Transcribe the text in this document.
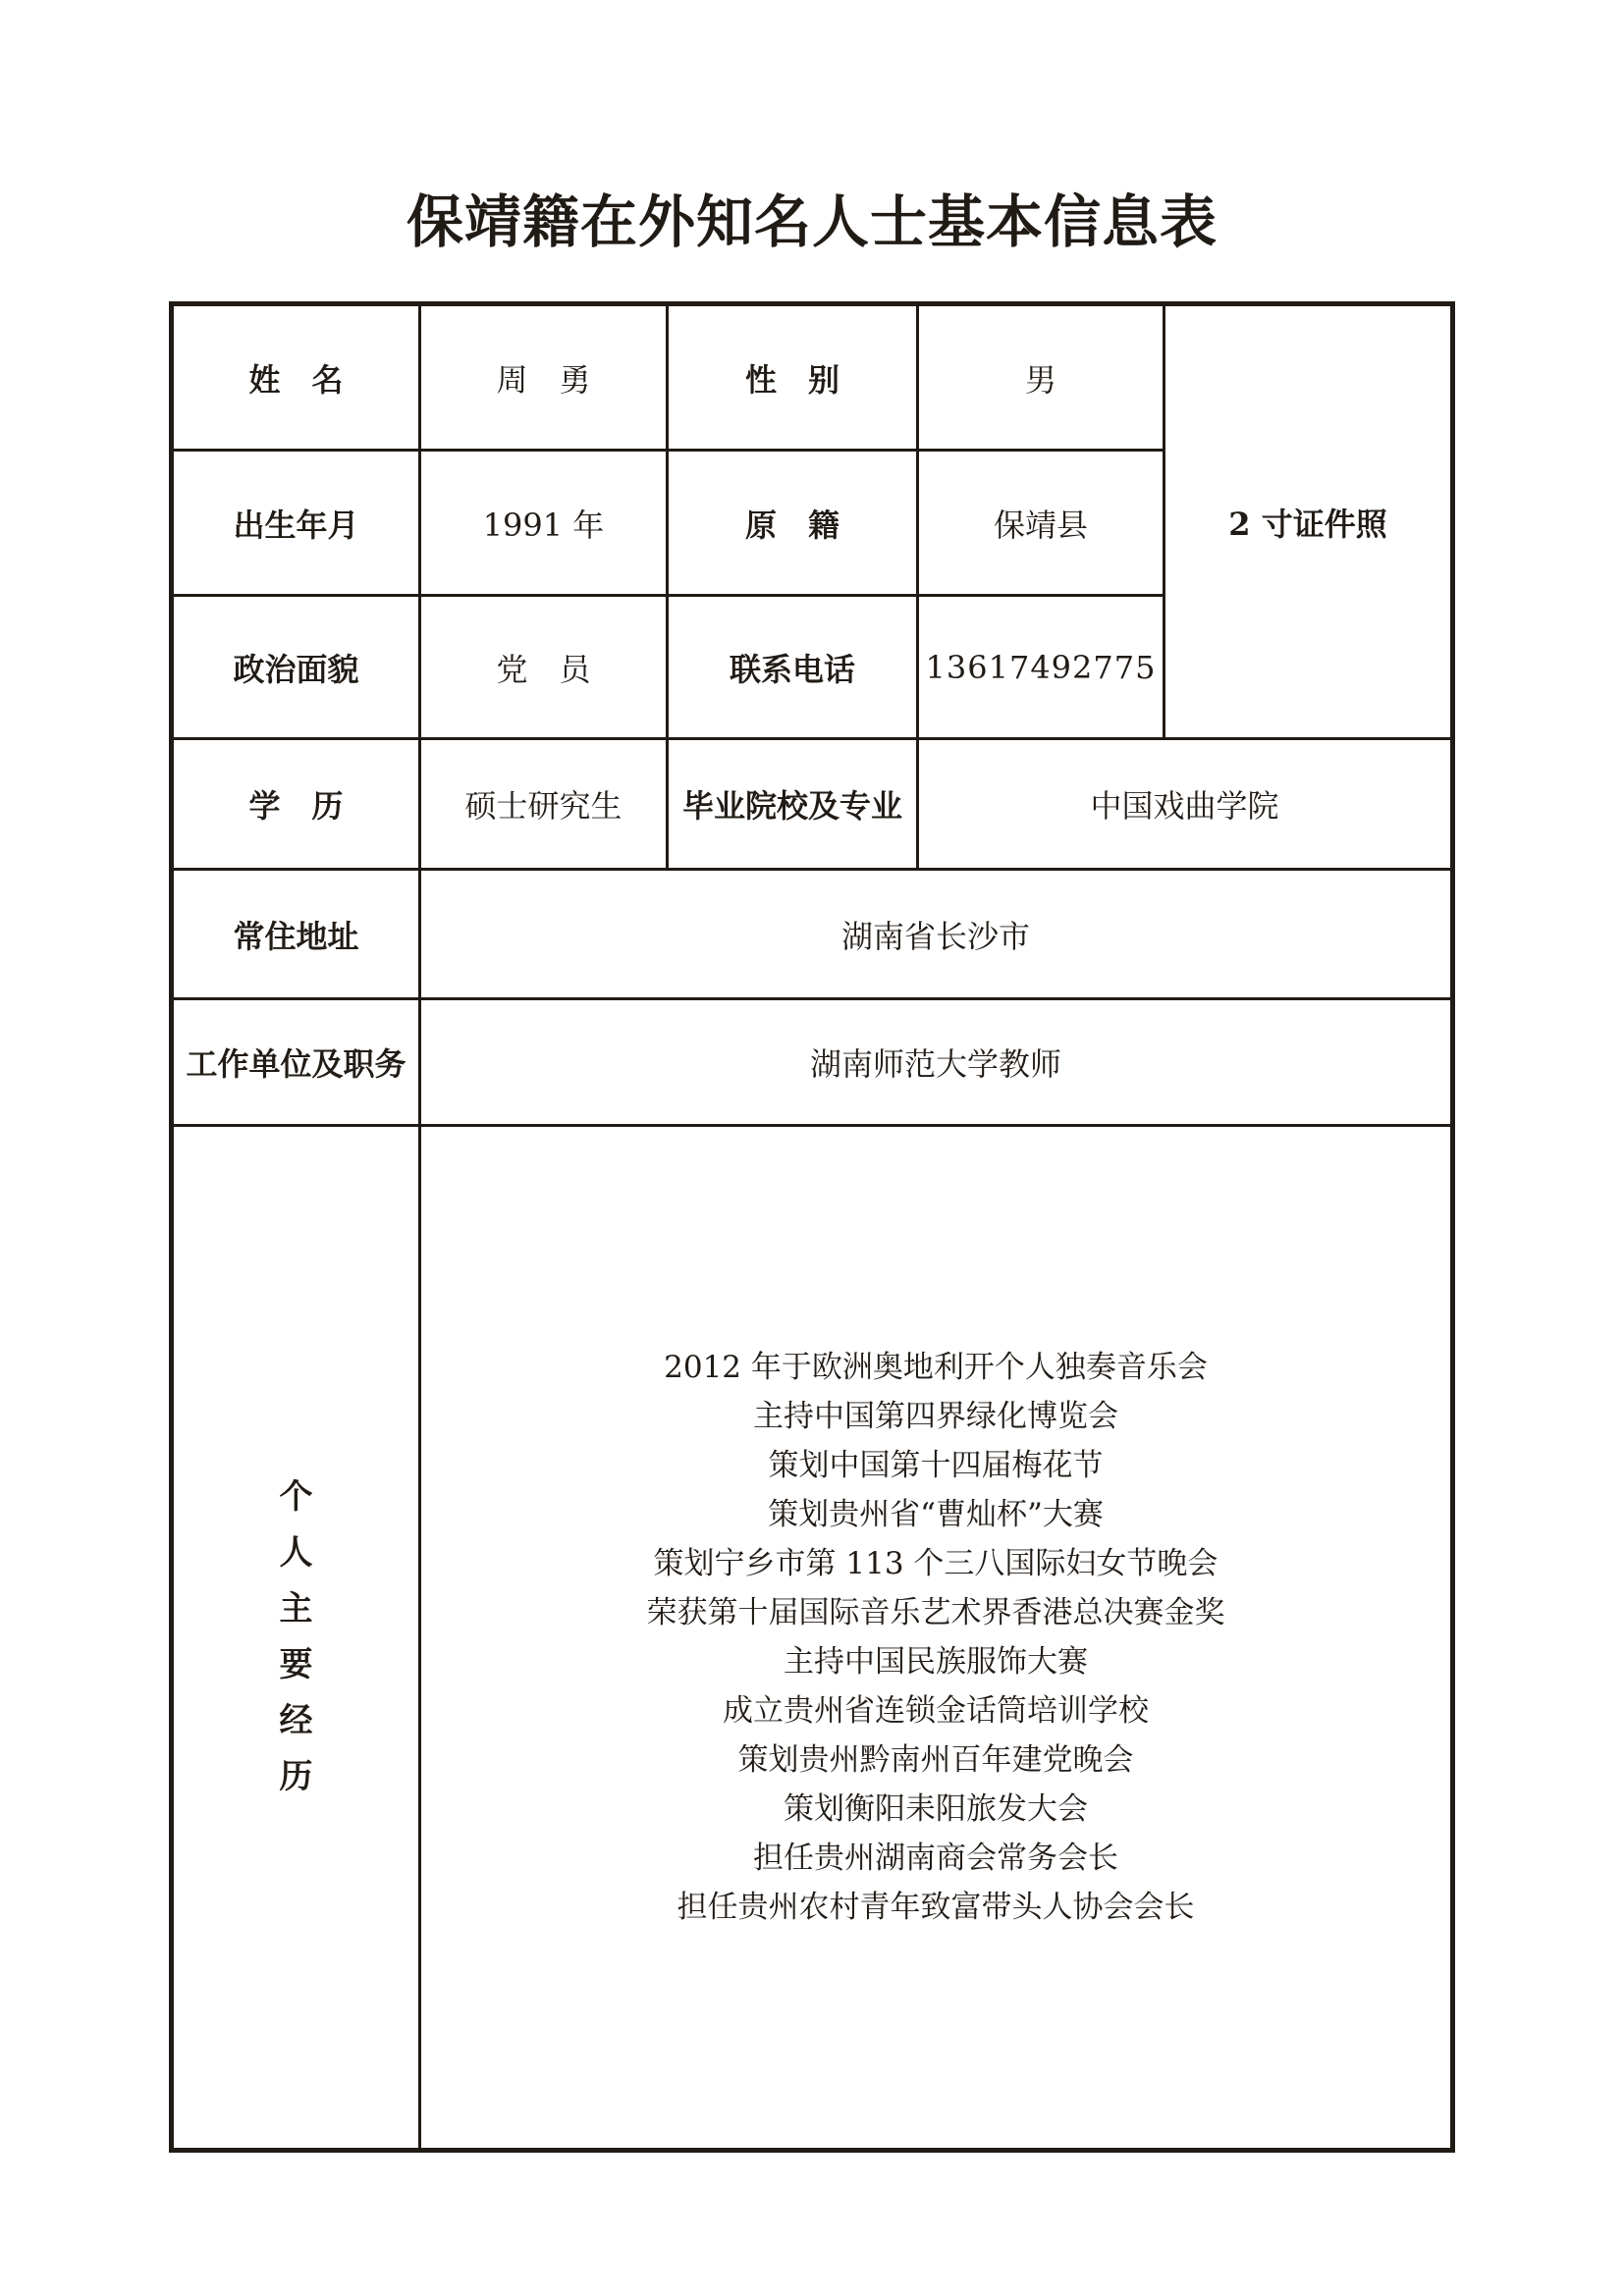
保靖籍在外知名人士基本信息表
姓　名	周　勇	性　别	男	2 寸证件照
出生年月	1991 年	原　籍	保靖县	
政治面貌	党　员	联系电话	13617492775	
学　历	硕士研究生	毕业院校及专业	中国戏曲学院	
常住地址	湖南省长沙市			
工作单位及职务	湖南师范大学教师			

个人主要经历

2012 年于欧洲奥地利开个人独奏音乐会
主持中国第四界绿化博览会
策划中国第十四届梅花节
策划贵州省“曹灿杯”大赛
策划宁乡市第 113 个三八国际妇女节晚会
荣获第十届国际音乐艺术界香港总决赛金奖
主持中国民族服饰大赛
成立贵州省连锁金话筒培训学校
策划贵州黔南州百年建党晚会
策划衡阳耒阳旅发大会
担任贵州湖南商会常务会长
担任贵州农村青年致富带头人协会会长
